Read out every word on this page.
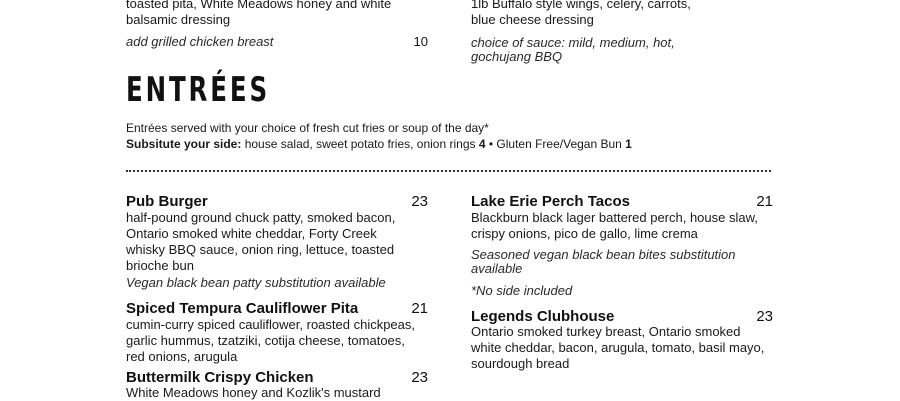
toasted pita, White Meadows honey and white
balsamic dressing
add grilled chicken breast	10
1lb Buffalo style wings, celery, carrots,
blue cheese dressing
choice of sauce: mild, medium, hot,
gochujang BBQ
ENTRÉES
Entrées served with your choice of fresh cut fries or soup of the day*
Subsitute your side: house salad, sweet potato fries, onion rings 4 • Gluten Free/Vegan Bun 1
Pub Burger	23
half-pound ground chuck patty, smoked bacon,
Ontario smoked white cheddar, Forty Creek
whisky BBQ sauce, onion ring, lettuce, toasted
brioche bun
Vegan black bean patty substitution available
Spiced Tempura Cauliflower Pita	21
cumin-curry spiced cauliflower, roasted chickpeas,
garlic hummus, tzatziki, cotija cheese, tomatoes,
red onions, arugula
Buttermilk Crispy Chicken	23
White Meadows honey and Kozlik's mustard
Lake Erie Perch Tacos	21
Blackburn black lager battered perch, house slaw,
crispy onions, pico de gallo, lime crema
Seasoned vegan black bean bites substitution
available
*No side included
Legends Clubhouse	23
Ontario smoked turkey breast, Ontario smoked
white cheddar, bacon, arugula, tomato, basil mayo,
sourdough bread
